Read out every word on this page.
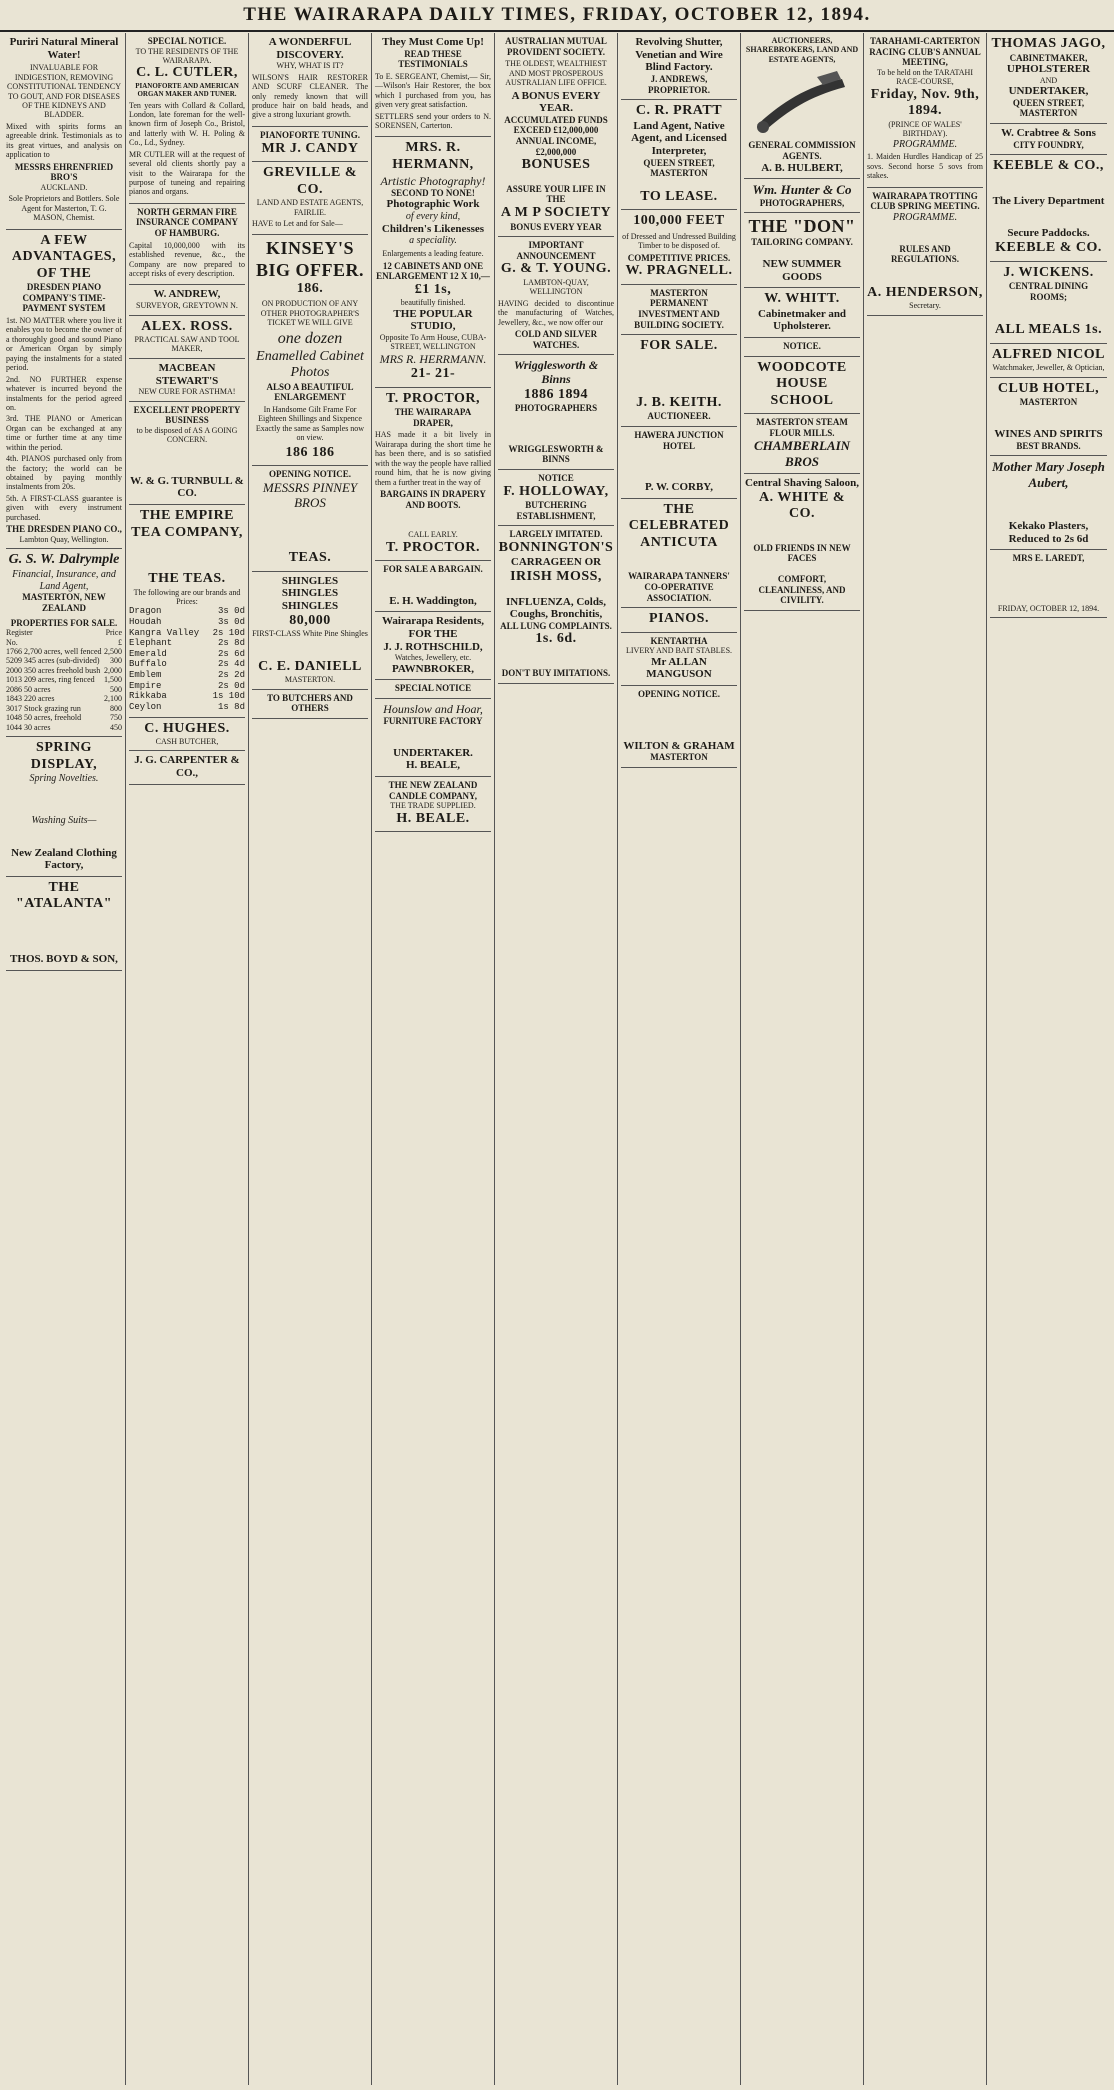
THE WAIRARAPA DAILY TIMES, FRIDAY, OCTOBER 12, 1894.
Puriri Natural Mineral Water!

INVALUABLE FOR INDIGESTION, REMOVING CONSTITUTIONAL TENDENCY TO GOUT, AND FOR DISEASES OF THE KIDNEYS AND BLADDER.

Mixed with spirits forms an agreeable drink. Testimonials as to its great virtues, and analysis on application to

MESSRS EHRENFRIED BRO'S
AUCKLAND.

Sole Proprietors and Bottlers. Sole Agent for Masterton, T. G. MASON, Chemist.

A FEW ADVANTAGES, OF THE
DRESDEN PIANO COMPANY'S TIME-PAYMENT SYSTEM

1st. NO MATTER where you live it enables you to become the owner of a thoroughly good and sound Piano or American Organ by simply paying the instalments for a stated period.

2nd. NO FURTHER expense whatever is incurred beyond the instalments for the period agreed on.

3rd. THE PIANO or American Organ can be exchanged at any time or further time at any time within the period.

4th. PIANOS purchased only from the factory; the world can be obtained by paying monthly instalments from 20s.

5th. A FIRST-CLASS guarantee is given with every instrument purchased.

THE DRESDEN PIANO CO.,
Lambton Quay, Wellington.
G. S. W. Dalrymple
Financial, Insurance, and Land Agent,
MASTERTON, NEW ZEALAND
PROPERTIES FOR SALE.
Register	Price
No.	£
1766 2,700 acres, well fenced 2,500
5209 345 acres (sub-divided) 300
2000 350 acres freehold bush 2,000
1013 209 acres, ring fenced 1,500
2086 50 acres	500
1843 220 acres	2,100
3017 Stock grazing run	800
1048 50 acres, freehold	750
1044 30 acres	450
SPRING DISPLAY,
Spring Novelties.
Washing Suits—
New Zealand Clothing Factory,
THE "ATALANTA"
THOS. BOYD & SON,
SPECIAL NOTICE.
TO THE RESIDENTS OF THE WAIRARAPA.
C. L. CUTLER,
PIANOFORTE AND AMERICAN ORGAN MAKER AND TUNER.

Ten years with Collard & Collard, London, late foreman for the well-known firm of Joseph Co., Bristol, and latterly with W. H. Poling & Co., Ld., Sydney.

MR CUTLER will at the request of several old clients shortly pay a visit to the Wairarapa for the purpose of tuneing and repairing pianos and organs.

NORTH GERMAN FIRE INSURANCE COMPANY OF HAMBURG.

Capital 10,000,000 with its established revenue, &c., the Company are now prepared to accept risks of every description.

W. ANDREW,
SURVEYOR, GREYTOWN N.
ALEX. ROSS.
PRACTICAL SAW AND TOOL MAKER,
MACBEAN STEWART'S
NEW CURE FOR ASTHMA!
EXCELLENT PROPERTY BUSINESS
to be disposed of AS A GOING CONCERN.
W. & G. TURNBULL & CO.
THE EMPIRE TEA COMPANY,
THE TEAS.
The following are our brands and Prices:
Dragon	3s 0d
Houdah	3s 0d
Kangra Valley 2s 10d
Elephant	2s 8d
Emerald	2s 6d
Buffalo	2s 4d
Emblem	2s 2d
Empire	2s 0d
Rikkaba	1s 10d
Ceylon	1s 8d
C. HUGHES.
CASH BUTCHER,
J. G. CARPENTER & CO.,
A WONDERFUL DISCOVERY.
WHY, WHAT IS IT?

WILSON'S HAIR RESTORER AND SCURF CLEANER. The only remedy known that will produce hair on bald heads, and give a strong luxuriant growth.

PIANOFORTE TUNING.
MR J. CANDY
GREVILLE & CO.
LAND AND ESTATE AGENTS, FAIRLIE.

HAVE to Let and for Sale—

KINSEY'S BIG OFFER.
186.

ON PRODUCTION OF ANY OTHER PHOTOGRAPHER'S TICKET WE WILL GIVE

one dozen
Enamelled Cabinet Photos
ALSO A BEAUTIFUL ENLARGEMENT

In Handsome Gilt Frame For Eighteen Shillings and Sixpence Exactly the same as Samples now on view.

186 186
OPENING NOTICE.
MESSRS PINNEY BROS
TEAS.
SHINGLES
SHINGLES
SHINGLES
80,000
FIRST-CLASS White Pine Shingles
C. E. DANIELL
MASTERTON.
TO BUTCHERS AND OTHERS
They Must Come Up!
READ THESE TESTIMONIALS

To E. SERGEANT, Chemist,— Sir,—Wilson's Hair Restorer, the box which I purchased from you, has given very great satisfaction.

SETTLERS send your orders to N. SORENSEN, Carterton.

MRS. R. HERMANN,
Artistic Photography!
SECOND TO NONE!
Photographic Work
of every kind,
Children's Likenesses
a speciality.

Enlargements a leading feature.

12 CABINETS AND ONE ENLARGEMENT 12 X 10,—
£1 1s,
beautifully finished.
THE POPULAR STUDIO,
Opposite To Arm House, CUBA-STREET, WELLINGTON
MRS R. HERRMANN.
21- 21-
T. PROCTOR,
THE WAIRARAPA DRAPER,

HAS made it a bit lively in Wairarapa during the short time he has been there, and is so satisfied with the way the people have rallied round him, that he is now giving them a further treat in the way of

BARGAINS IN DRAPERY AND BOOTS.
CALL EARLY.
T. PROCTOR.
FOR SALE A BARGAIN.
E. H. Waddington,
Wairarapa Residents, FOR THE
J. J. ROTHSCHILD,
Watches, Jewellery, etc.
PAWNBROKER,
SPECIAL NOTICE
Hounslow and Hoar,
FURNITURE FACTORY
UNDERTAKER.
H. BEALE,
THE NEW ZEALAND CANDLE COMPANY,
THE TRADE SUPPLIED.
H. BEALE.
AUSTRALIAN MUTUAL PROVIDENT SOCIETY.

THE OLDEST, WEALTHIEST AND MOST PROSPEROUS AUSTRALIAN LIFE OFFICE.

A BONUS EVERY YEAR.
ACCUMULATED FUNDS EXCEED £12,000,000
ANNUAL INCOME, £2,000,000
BONUSES
ASSURE YOUR LIFE IN THE
A M P SOCIETY
BONUS EVERY YEAR
IMPORTANT ANNOUNCEMENT
G. & T. YOUNG.
LAMBTON-QUAY, WELLINGTON

HAVING decided to discontinue the manufacturing of Watches, Jewellery, &c., we now offer our

COLD AND SILVER WATCHES.
Wrigglesworth & Binns
1886 1894
PHOTOGRAPHERS
WRIGGLESWORTH & BINNS
NOTICE
F. HOLLOWAY,
BUTCHERING ESTABLISHMENT,
LARGELY IMITATED.
BONNINGTON'S
CARRAGEEN OR
IRISH MOSS,
INFLUENZA, Colds, Coughs, Bronchitis,
ALL LUNG COMPLAINTS.
1s. 6d.
DON'T BUY IMITATIONS.
Revolving Shutter, Venetian and Wire Blind Factory.
J. ANDREWS, PROPRIETOR.
C. R. PRATT
Land Agent, Native Agent, and Licensed Interpreter,
QUEEN STREET, MASTERTON
TO LEASE.
100,000 FEET

of Dressed and Undressed Building Timber to be disposed of.

COMPETITIVE PRICES.
W. PRAGNELL.
MASTERTON PERMANENT INVESTMENT AND BUILDING SOCIETY.
FOR SALE.
J. B. KEITH.
AUCTIONEER.
HAWERA JUNCTION HOTEL
P. W. CORBY,
THE CELEBRATED ANTICUTA
WAIRARAPA TANNERS' CO-OPERATIVE ASSOCIATION.
PIANOS.
KENTARTHA
LIVERY AND BAIT STABLES.
Mr ALLAN MANGUSON
OPENING NOTICE.
WILTON & GRAHAM
MASTERTON
AUCTIONEERS, SHAREBROKERS, LAND AND ESTATE AGENTS,
GENERAL COMMISSION AGENTS.
A. B. HULBERT,
Wm. Hunter & Co
PHOTOGRAPHERS,
THE "DON"
TAILORING COMPANY.
NEW SUMMER GOODS
W. WHITT.
Cabinetmaker and Upholsterer.
NOTICE.
WOODCOTE HOUSE SCHOOL
MASTERTON STEAM FLOUR MILLS.
CHAMBERLAIN BROS
Central Shaving Saloon,
A. WHITE & CO.
OLD FRIENDS IN NEW FACES
COMFORT, CLEANLINESS, AND CIVILITY.
TARAHAMI-CARTERTON RACING CLUB'S ANNUAL MEETING,
To be held on the TARATAHI RACE-COURSE,
Friday, Nov. 9th, 1894.
(PRINCE OF WALES' BIRTHDAY).
PROGRAMME.

1. Maiden Hurdles Handicap of 25 sovs. Second horse 5 sovs from stakes.

WAIRARAPA TROTTING CLUB SPRING MEETING.
PROGRAMME.
RULES AND REGULATIONS.
A. HENDERSON,
Secretary.
THOMAS JAGO,
CABINETMAKER,
UPHOLSTERER
AND
UNDERTAKER,
QUEEN STREET, MASTERTON
W. Crabtree & Sons
CITY FOUNDRY,
KEEBLE & CO.,
The Livery Department
Secure Paddocks.
KEEBLE & CO.
J. WICKENS.
CENTRAL DINING ROOMS;
ALL MEALS 1s.
ALFRED NICOL
Watchmaker, Jeweller, & Optician,
CLUB HOTEL,
MASTERTON
WINES AND SPIRITS
BEST BRANDS.
Mother Mary Joseph Aubert,
Kekako Plasters,
Reduced to 2s 6d
MRS E. LAREDT,
FRIDAY, OCTOBER 12, 1894.
